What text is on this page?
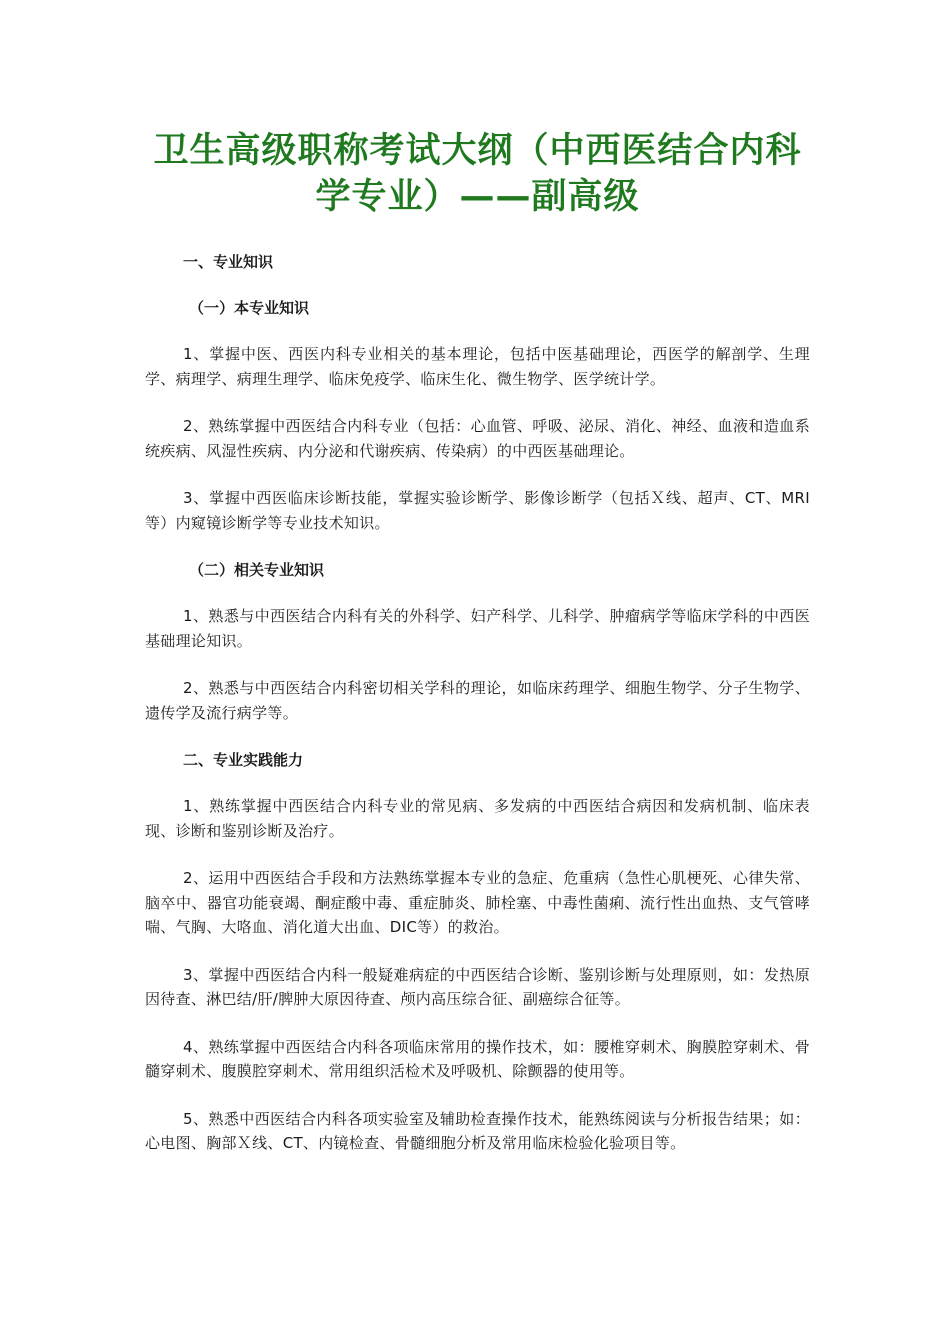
卫生高级职称考试大纲（中西医结合内科学专业）——副高级

一、专业知识

（一）本专业知识

1、掌握中医、西医内科专业相关的基本理论，包括中医基础理论，西医学的解剖学、生理学、病理学、病理生理学、临床免疫学、临床生化、微生物学、医学统计学。

2、熟练掌握中西医结合内科专业（包括：心血管、呼吸、泌尿、消化、神经、血液和造血系统疾病、风湿性疾病、内分泌和代谢疾病、传染病）的中西医基础理论。

3、掌握中西医临床诊断技能，掌握实验诊断学、影像诊断学（包括Ｘ线、超声、CT、MRI等）内窥镜诊断学等专业技术知识。

（二）相关专业知识

1、熟悉与中西医结合内科有关的外科学、妇产科学、儿科学、肿瘤病学等临床学科的中西医基础理论知识。

2、熟悉与中西医结合内科密切相关学科的理论，如临床药理学、细胞生物学、分子生物学、遗传学及流行病学等。

二、专业实践能力

1、熟练掌握中西医结合内科专业的常见病、多发病的中西医结合病因和发病机制、临床表现、诊断和鉴别诊断及治疗。

2、运用中西医结合手段和方法熟练掌握本专业的急症、危重病（急性心肌梗死、心律失常、脑卒中、器官功能衰竭、酮症酸中毒、重症肺炎、肺栓塞、中毒性菌痢、流行性出血热、支气管哮喘、气胸、大咯血、消化道大出血、DIC等）的救治。

3、掌握中西医结合内科一般疑难病症的中西医结合诊断、鉴别诊断与处理原则，如：发热原因待查、淋巴结/肝/脾肿大原因待查、颅内高压综合征、副癌综合征等。

4、熟练掌握中西医结合内科各项临床常用的操作技术，如：腰椎穿刺术、胸膜腔穿刺术、骨髓穿刺术、腹膜腔穿刺术、常用组织活检术及呼吸机、除颤器的使用等。

5、熟悉中西医结合内科各项实验室及辅助检查操作技术，能熟练阅读与分析报告结果；如：心电图、胸部Ｘ线、CT、内镜检查、骨髓细胞分析及常用临床检验化验项目等。
